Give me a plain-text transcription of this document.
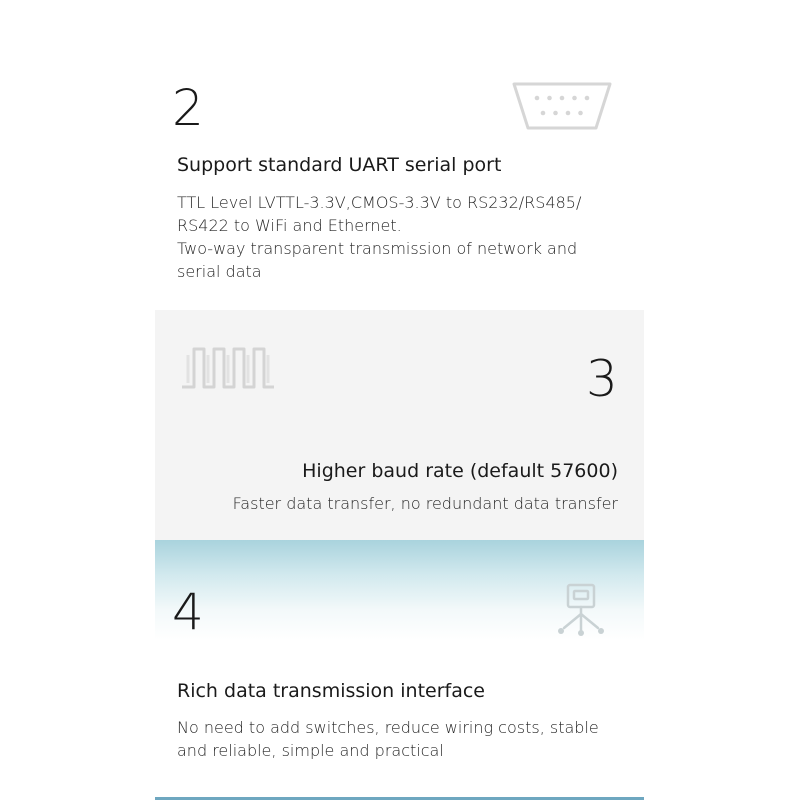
2
Support standard UART serial port
TTL Level LVTTL-3.3V,CMOS-3.3V to RS232/RS485/
RS422 to WiFi and Ethernet.
Two-way transparent transmission of network and
serial data
3
Higher baud rate (default 57600)
Faster data transfer, no redundant data transfer
4
Rich data transmission interface
No need to add switches, reduce wiring costs, stable
and reliable, simple and practical
